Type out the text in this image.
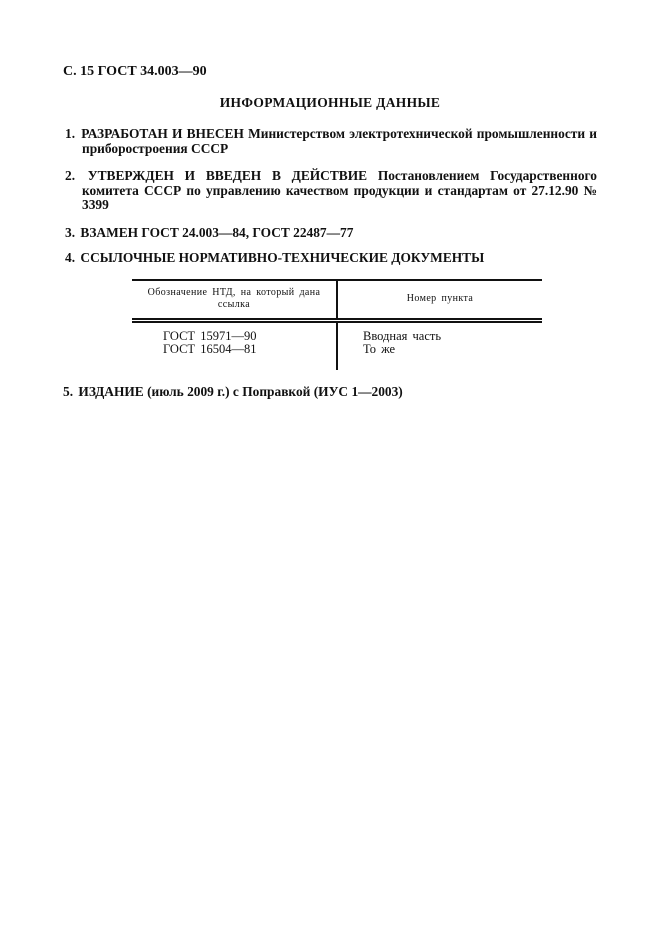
С. 15 ГОСТ 34.003—90
ИНФОРМАЦИОННЫЕ ДАННЫЕ
1. РАЗРАБОТАН И ВНЕСЕН Министерством электротехнической промышленности и приборостроения СССР
2. УТВЕРЖДЕН И ВВЕДЕН В ДЕЙСТВИЕ Постановлением Государственного комитета СССР по управлению качеством продукции и стандартам от 27.12.90 № 3399
3. ВЗАМЕН ГОСТ 24.003—84, ГОСТ 22487—77
4. ССЫЛОЧНЫЕ НОРМАТИВНО-ТЕХНИЧЕСКИЕ ДОКУМЕНТЫ
Обозначение НТД, на который дана ссылка	Номер пункта
ГОСТ 15971—90	Вводная часть
ГОСТ 16504—81	То же
5. ИЗДАНИЕ (июль 2009 г.) с Поправкой (ИУС 1—2003)
